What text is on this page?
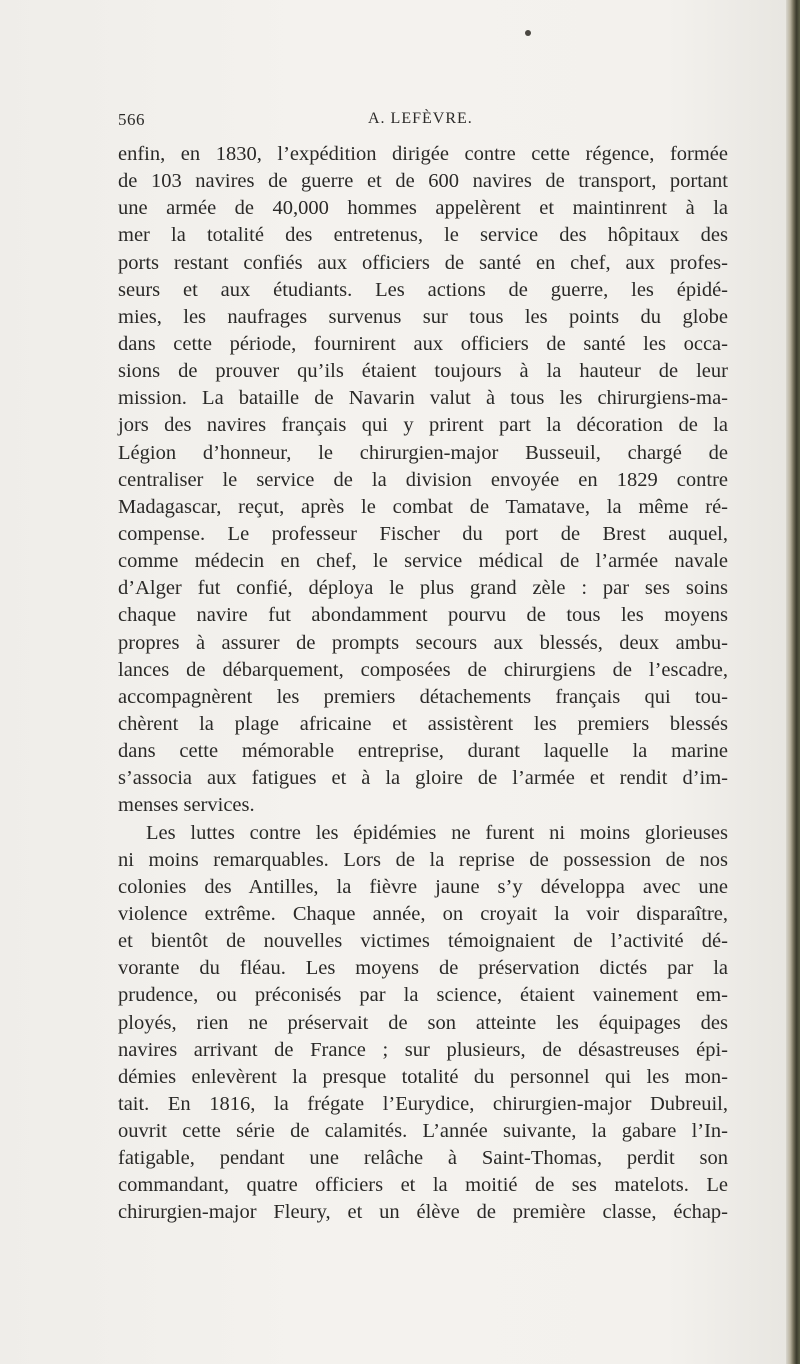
566	A. LEFÈVRE.
enfin, en 1830, l’expédition dirigée contre cette régence, formée
de 103 navires de guerre et de 600 navires de transport, portant
une armée de 40,000 hommes appelèrent et maintinrent à la
mer la totalité des entretenus, le service des hôpitaux des
ports restant confiés aux officiers de santé en chef, aux profes-
seurs et aux étudiants. Les actions de guerre, les épidé-
mies, les naufrages survenus sur tous les points du globe
dans cette période, fournirent aux officiers de santé les occa-
sions de prouver qu’ils étaient toujours à la hauteur de leur
mission. La bataille de Navarin valut à tous les chirurgiens-ma-
jors des navires français qui y prirent part la décoration de la
Légion d’honneur, le chirurgien-major Busseuil, chargé de
centraliser le service de la division envoyée en 1829 contre
Madagascar, reçut, après le combat de Tamatave, la même ré-
compense. Le professeur Fischer du port de Brest auquel,
comme médecin en chef, le service médical de l’armée navale
d’Alger fut confié, déploya le plus grand zèle : par ses soins
chaque navire fut abondamment pourvu de tous les moyens
propres à assurer de prompts secours aux blessés, deux ambu-
lances de débarquement, composées de chirurgiens de l’escadre,
accompagnèrent les premiers détachements français qui tou-
chèrent la plage africaine et assistèrent les premiers blessés
dans cette mémorable entreprise, durant laquelle la marine
s’associa aux fatigues et à la gloire de l’armée et rendit d’im-
menses services.
Les luttes contre les épidémies ne furent ni moins glorieuses
ni moins remarquables. Lors de la reprise de possession de nos
colonies des Antilles, la fièvre jaune s’y développa avec une
violence extrême. Chaque année, on croyait la voir disparaître,
et bientôt de nouvelles victimes témoignaient de l’activité dé-
vorante du fléau. Les moyens de préservation dictés par la
prudence, ou préconisés par la science, étaient vainement em-
ployés, rien ne préservait de son atteinte les équipages des
navires arrivant de France ; sur plusieurs, de désastreuses épi-
démies enlevèrent la presque totalité du personnel qui les mon-
tait. En 1816, la frégate l’Eurydice, chirurgien-major Dubreuil,
ouvrit cette série de calamités. L’année suivante, la gabare l’In-
fatigable, pendant une relâche à Saint-Thomas, perdit son
commandant, quatre officiers et la moitié de ses matelots. Le
chirurgien-major Fleury, et un élève de première classe, échap-
